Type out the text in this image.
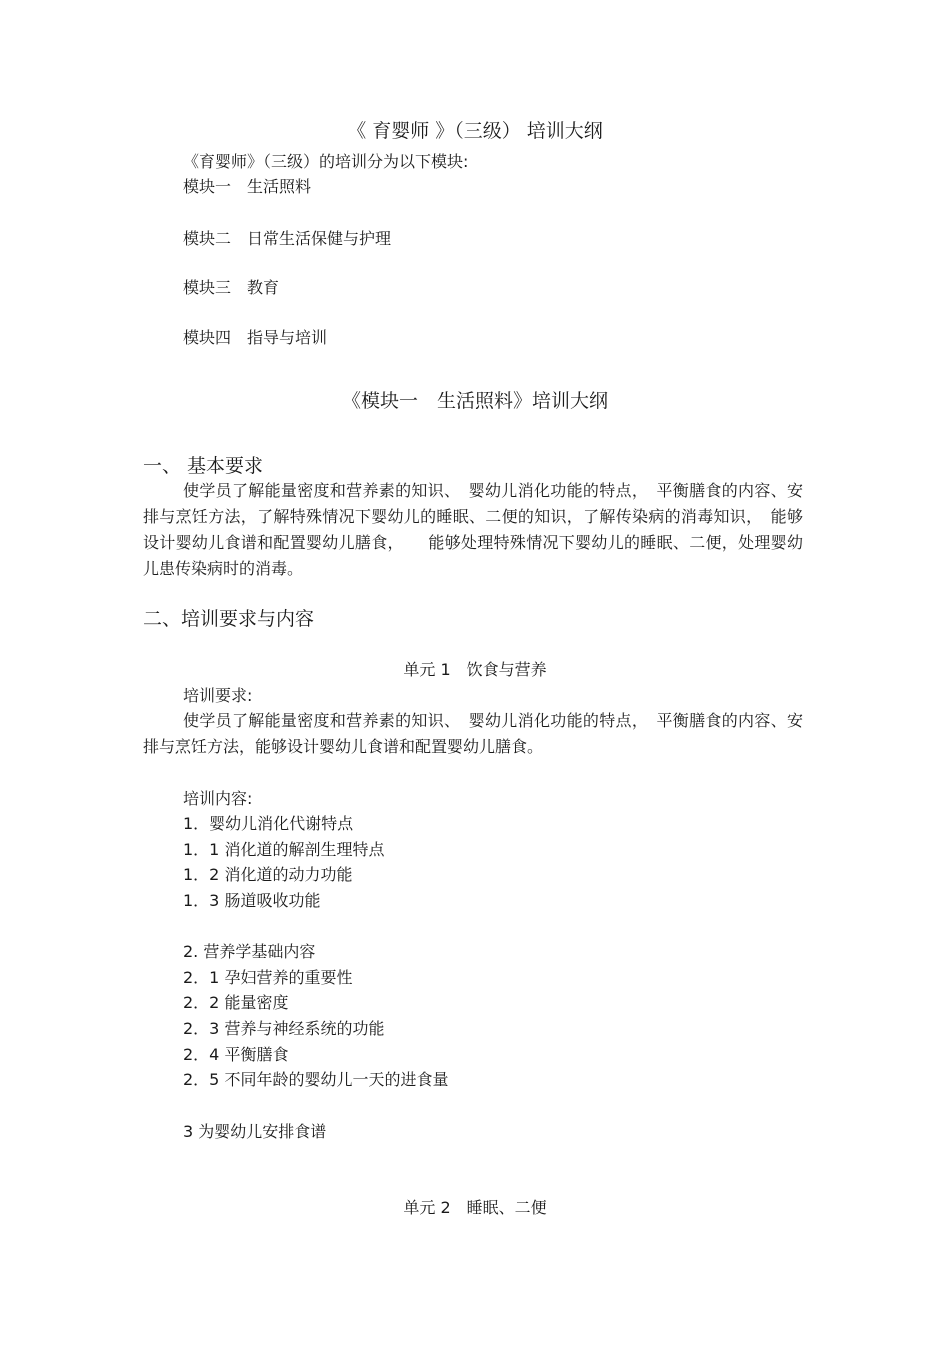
《 育婴师 》（三级） 培训大纲
《育婴师》（三级）的培训分为以下模块:
模块一　生活照料
模块二　日常生活保健与护理
模块三　教育
模块四　指导与培训
《模块一　生活照料》培训大纲
一、 基本要求
使学员了解能量密度和营养素的知识、　婴幼儿消化功能的特点，　平衡膳食的内容、安排与烹饪方法，了解特殊情况下婴幼儿的睡眠、二便的知识，了解传染病的消毒知识，　能够设计婴幼儿食谱和配置婴幼儿膳食，　　能够处理特殊情况下婴幼儿的睡眠、二便，处理婴幼儿患传染病时的消毒。
二、培训要求与内容
单元 1　饮食与营养
培训要求:
使学员了解能量密度和营养素的知识、　婴幼儿消化功能的特点，　平衡膳食的内容、安排与烹饪方法，能够设计婴幼儿食谱和配置婴幼儿膳食。
培训内容:
1．婴幼儿消化代谢特点
1．1 消化道的解剖生理特点
1．2 消化道的动力功能
1．3 肠道吸收功能
2. 营养学基础内容
2．1 孕妇营养的重要性
2．2 能量密度
2．3 营养与神经系统的功能
2．4 平衡膳食
2．5 不同年龄的婴幼儿一天的进食量
3 为婴幼儿安排食谱
单元 2　睡眠、二便
